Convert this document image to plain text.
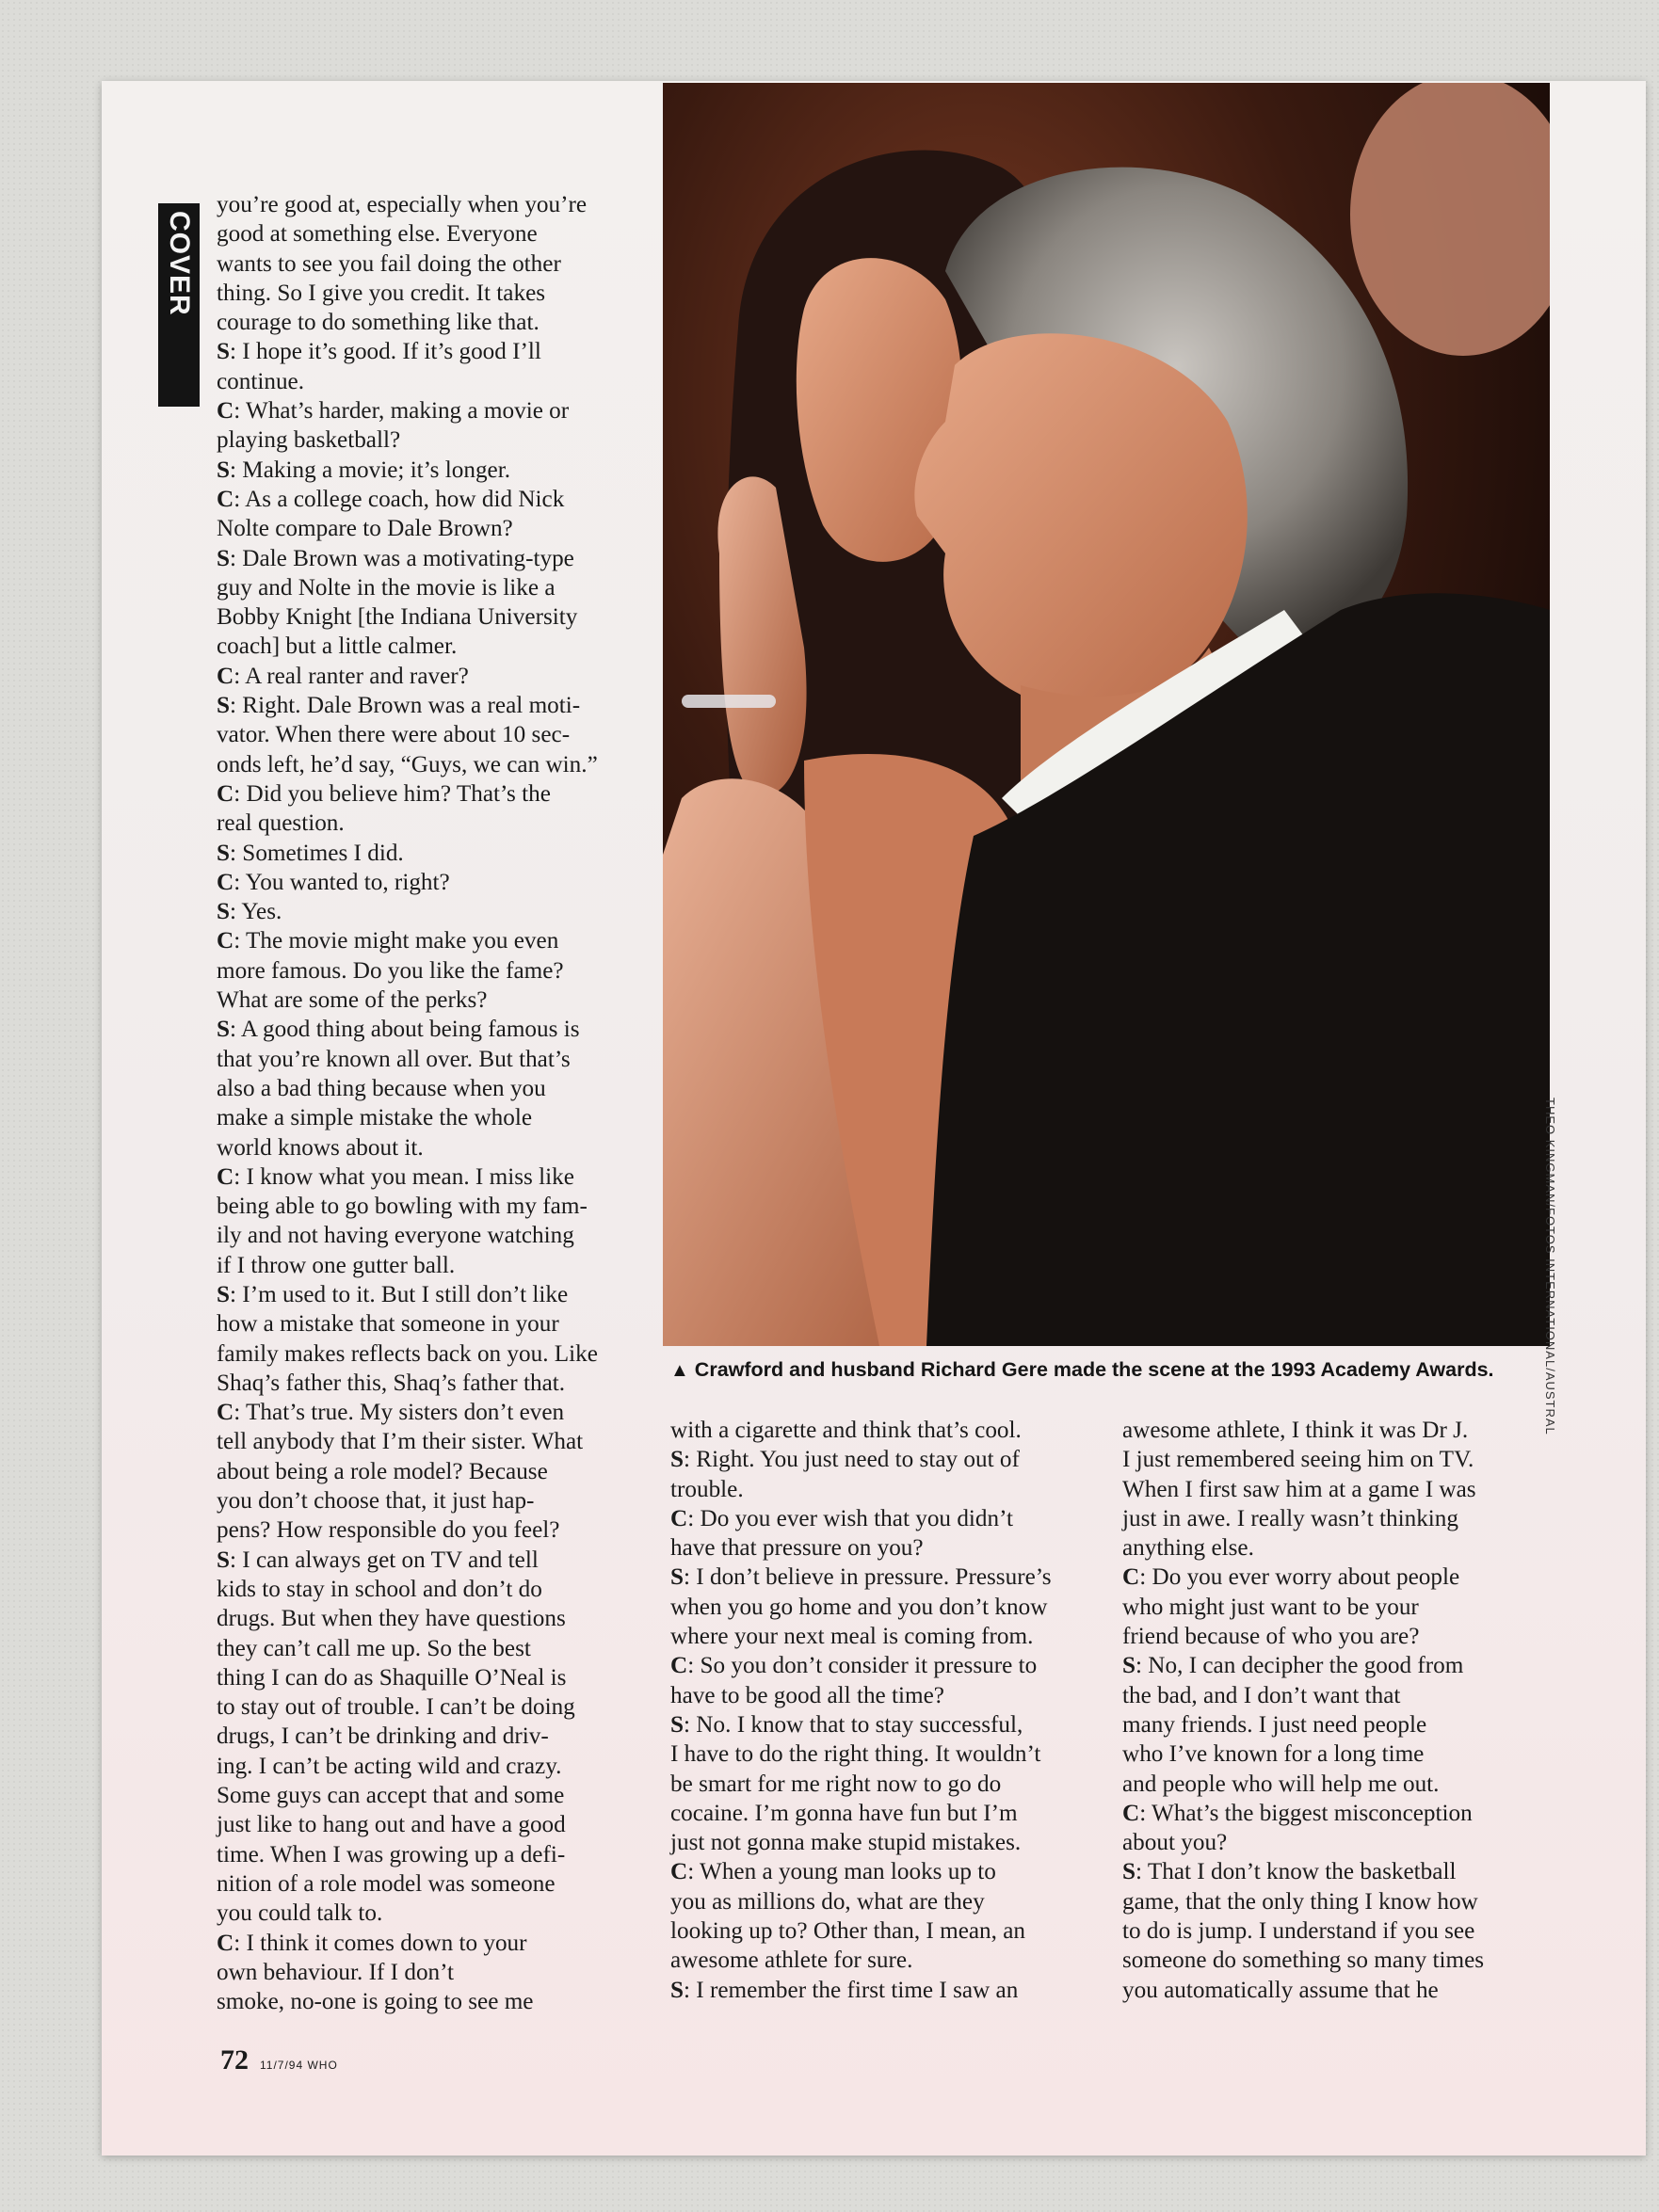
COVER

you’re good at, especially when you’re

good at something else. Everyone

wants to see you fail doing the other

thing. So I give you credit. It takes

courage to do something like that.

S: I hope it’s good. If it’s good I’ll

continue.

C: What’s harder, making a movie or

playing basketball?

S: Making a movie; it’s longer.

C: As a college coach, how did Nick

Nolte compare to Dale Brown?

S: Dale Brown was a motivating-type

guy and Nolte in the movie is like a

Bobby Knight [the Indiana University

coach] but a little calmer.

C: A real ranter and raver?

S: Right. Dale Brown was a real moti-

vator. When there were about 10 sec-

onds left, he’d say, “Guys, we can win.”

C: Did you believe him? That’s the

real question.

S: Sometimes I did.

C: You wanted to, right?

S: Yes.

C: The movie might make you even

more famous. Do you like the fame?

What are some of the perks?

S: A good thing about being famous is

that you’re known all over. But that’s

also a bad thing because when you

make a simple mistake the whole

world knows about it.

C: I know what you mean. I miss like

being able to go bowling with my fam-

ily and not having everyone watching

if I throw one gutter ball.

S: I’m used to it. But I still don’t like

how a mistake that someone in your

family makes reflects back on you. Like

Shaq’s father this, Shaq’s father that.

C: That’s true. My sisters don’t even

tell anybody that I’m their sister. What

about being a role model? Because

you don’t choose that, it just hap-

pens? How responsible do you feel?

S: I can always get on TV and tell

kids to stay in school and don’t do

drugs. But when they have questions

they can’t call me up. So the best

thing I can do as Shaquille O’Neal is

to stay out of trouble. I can’t be doing

drugs, I can’t be drinking and driv-

ing. I can’t be acting wild and crazy.

Some guys can accept that and some

just like to hang out and have a good

time. When I was growing up a defi-

nition of a role model was someone

you could talk to.

C: I think it comes down to your

own behaviour. If I don’t

smoke, no-one is going to see me

THEO KINGMAN/FOTOS INTERNATIONAL/AUSTRAL
▲ Crawford and husband Richard Gere made the scene at the 1993 Academy Awards.

with a cigarette and think that’s cool.

S: Right. You just need to stay out of

trouble.

C: Do you ever wish that you didn’t

have that pressure on you?

S: I don’t believe in pressure. Pressure’s

when you go home and you don’t know

where your next meal is coming from.

C: So you don’t consider it pressure to

have to be good all the time?

S: No. I know that to stay successful,

I have to do the right thing. It wouldn’t

be smart for me right now to go do

cocaine. I’m gonna have fun but I’m

just not gonna make stupid mistakes.

C: When a young man looks up to

you as millions do, what are they

looking up to? Other than, I mean, an

awesome athlete for sure.

S: I remember the first time I saw an

awesome athlete, I think it was Dr J.

I just remembered seeing him on TV.

When I first saw him at a game I was

just in awe. I really wasn’t thinking

anything else.

C: Do you ever worry about people

who might just want to be your

friend because of who you are?

S: No, I can decipher the good from

the bad, and I don’t want that

many friends. I just need people

who I’ve known for a long time

and people who will help me out.

C: What’s the biggest misconception

about you?

S: That I don’t know the basketball

game, that the only thing I know how

to do is jump. I understand if you see

someone do something so many times

you automatically assume that he

72 11/7/94 WHO
